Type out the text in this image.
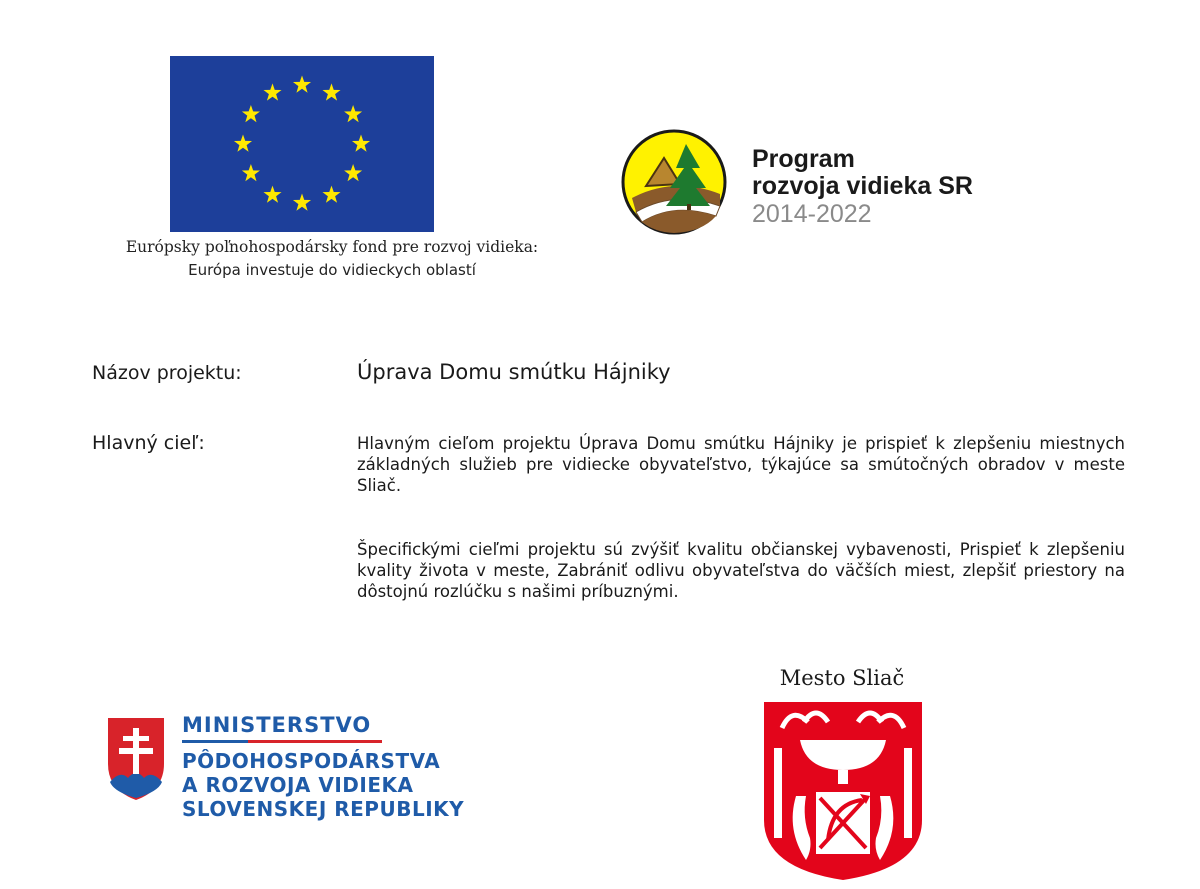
Európsky poľnohospodársky fond pre rozvoj vidieka:
Európa investuje do vidieckych oblastí
Program
rozvoja vidieka SR
2014-2022
Názov projektu:	Úprava Domu smútku Hájniky
Hlavný cieľ:	Hlavným cieľom projektu Úprava Domu smútku Hájniky je prispieť k zlepšeniu miestnych základných služieb pre vidiecke obyvateľstvo, týkajúce sa smútočných obradov v meste Sliač.
Špecifickými cieľmi projektu sú zvýšiť kvalitu občianskej vybavenosti, Prispieť k zlepšeniu kvality života v meste, Zabrániť odlivu obyvateľstva do väčších miest, zlepšiť priestory na dôstojnú rozlúčku s našimi príbuznými.
MINISTERSTVO
PÔDOHOSPODÁRSTVA
A ROZVOJA VIDIEKA
SLOVENSKEJ REPUBLIKY
Mesto Sliač
